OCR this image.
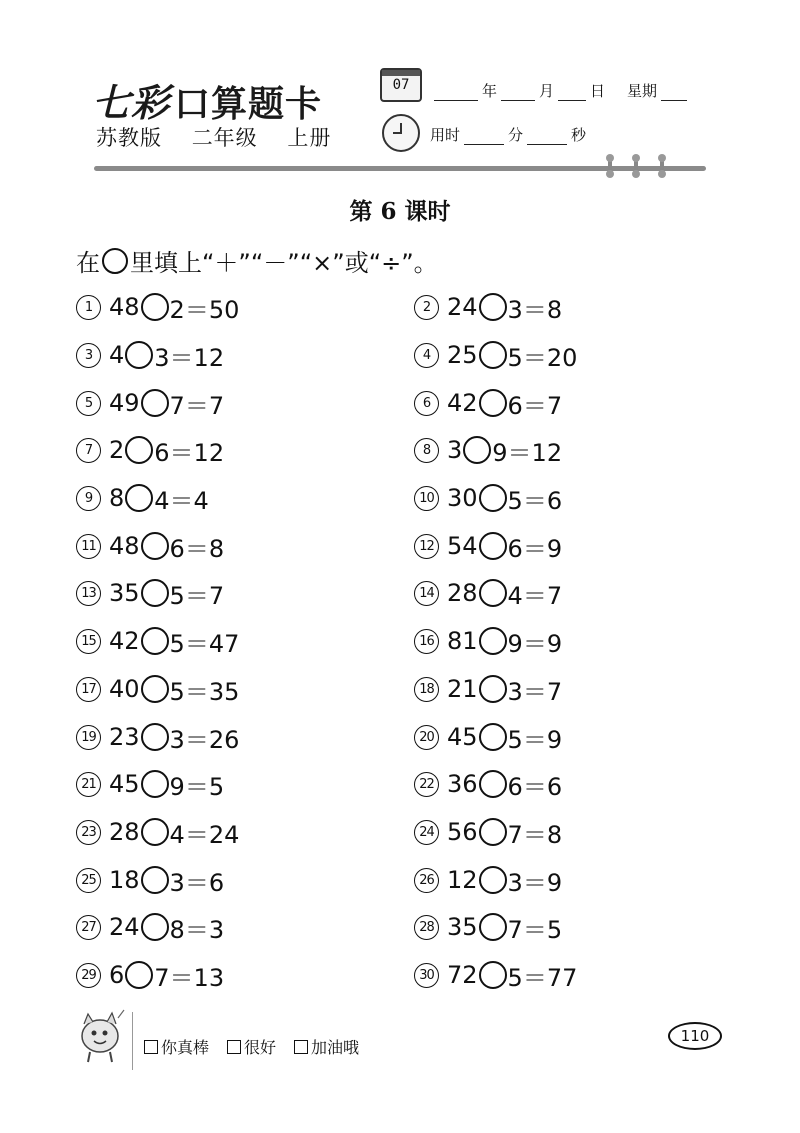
七彩 口算题卡
苏教版 二年级 上册
07	年	月 日 星期
用时	分	秒
第 6 课时
在 里填上“＋”“－”“×”或“÷”。
1 48 2＝50
3 4 3＝12
5 49 7＝7
7 2 6＝12
9 8 4＝4
11 48 6＝8
13 35 5＝7
15 42 5＝47
17 40 5＝35
19 23 3＝26
21 45 9＝5
23 28 4＝24
25 18 3＝6
27 24 8＝3
29 6 7＝13
2 24 3＝8
4 25 5＝20
6 42 6＝7
8 3 9＝12
10 30 5＝6
12 54 6＝9
14 28 4＝7
16 81 9＝9
18 21 3＝7
20 45 5＝9
22 36 6＝6
24 56 7＝8
26 12 3＝9
28 35 7＝5
30 72 5＝77
你真棒 很好 加油哦
110
